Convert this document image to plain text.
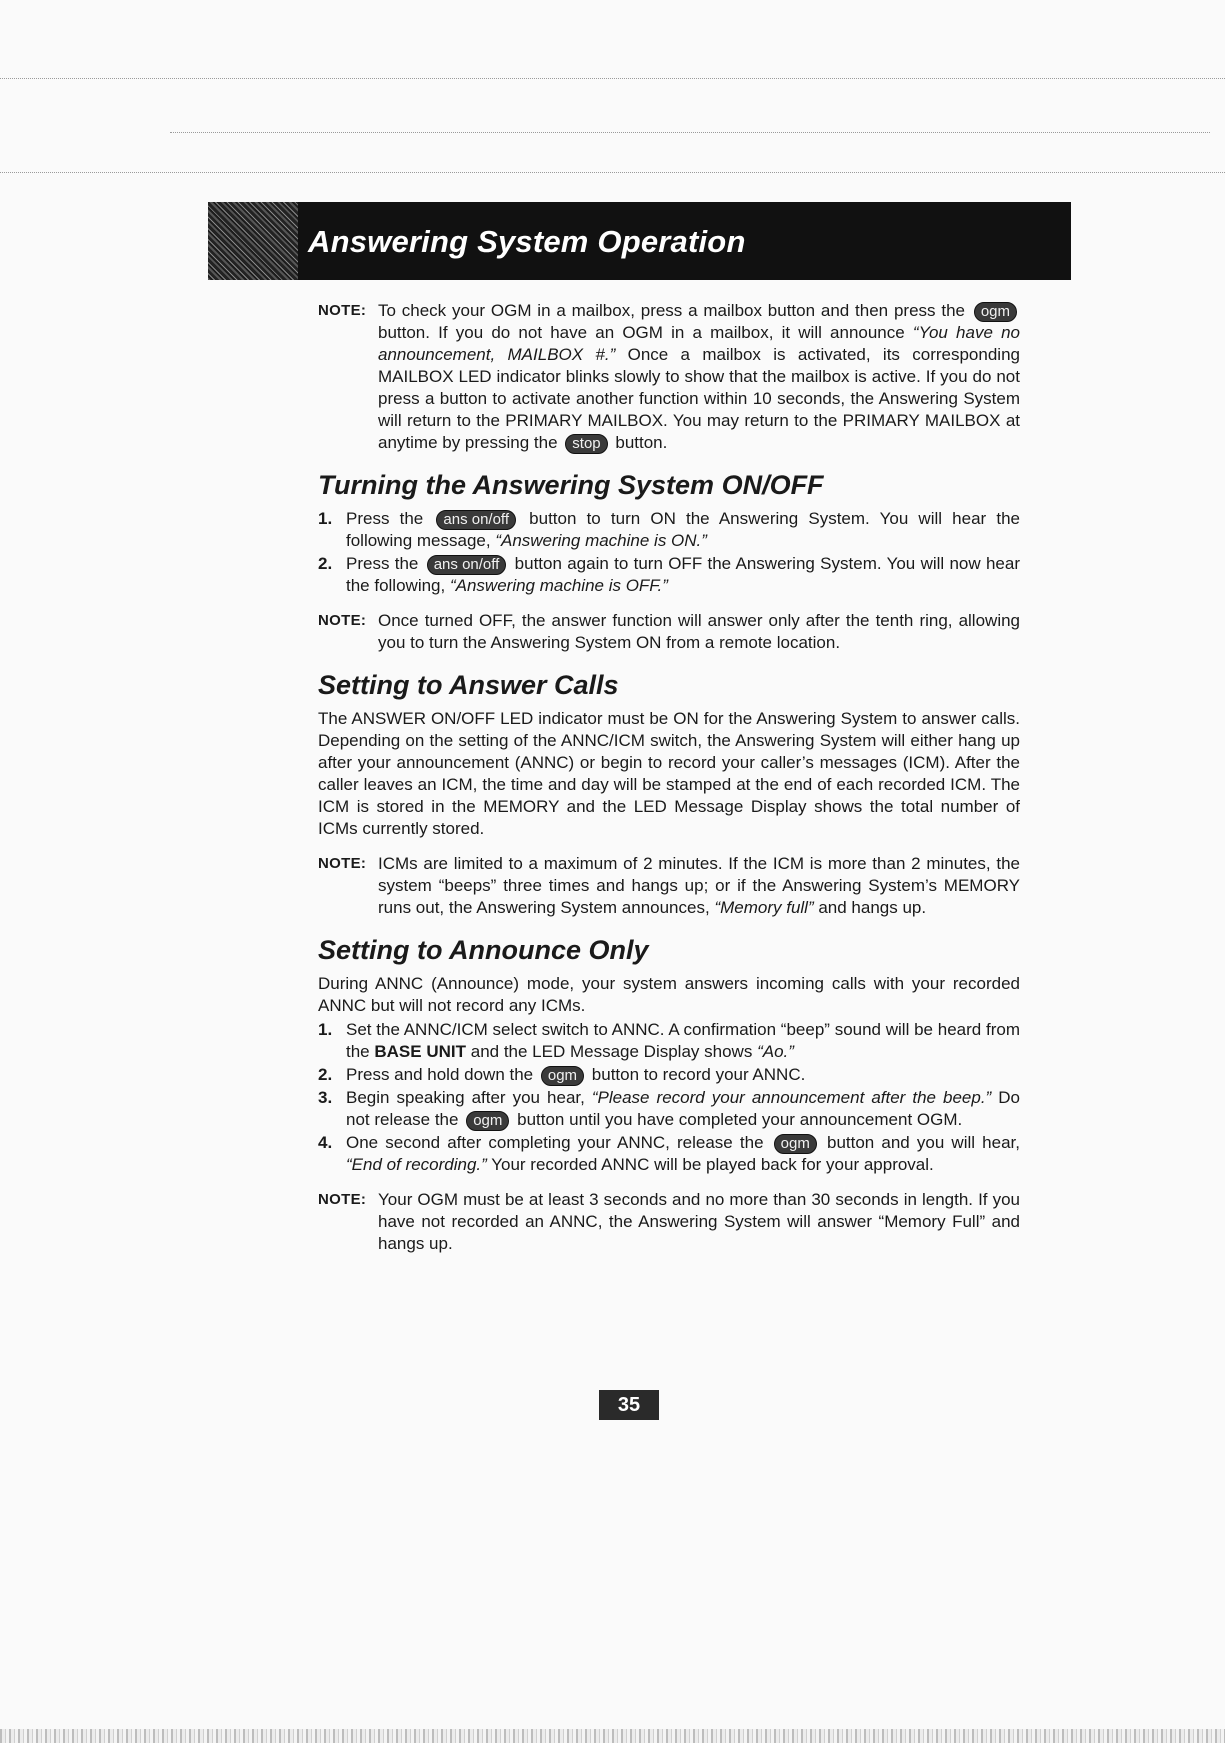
Answering System Operation
NOTE: To check your OGM in a mailbox, press a mailbox button and then press the ogm button. If you do not have an OGM in a mailbox, it will announce “You have no announcement, MAILBOX #.” Once a mailbox is activated, its corresponding MAILBOX LED indicator blinks slowly to show that the mailbox is active. If you do not press a button to activate another function within 10 seconds, the Answering System will return to the PRIMARY MAILBOX. You may return to the PRIMARY MAILBOX at anytime by pressing the stop button.
Turning the Answering System ON/OFF
1. Press the ans on/off button to turn ON the Answering System. You will hear the following message, “Answering machine is ON.”
2. Press the ans on/off button again to turn OFF the Answering System. You will now hear the following, “Answering machine is OFF.”
NOTE: Once turned OFF, the answer function will answer only after the tenth ring, allowing you to turn the Answering System ON from a remote location.
Setting to Answer Calls

The ANSWER ON/OFF LED indicator must be ON for the Answering System to answer calls. Depending on the setting of the ANNC/ICM switch, the Answering System will either hang up after your announcement (ANNC) or begin to record your caller’s messages (ICM). After the caller leaves an ICM, the time and day will be stamped at the end of each recorded ICM. The ICM is stored in the MEMORY and the LED Message Display shows the total number of ICMs currently stored.

NOTE: ICMs are limited to a maximum of 2 minutes. If the ICM is more than 2 minutes, the system “beeps” three times and hangs up; or if the Answering System’s MEMORY runs out, the Answering System announces, “Memory full” and hangs up.
Setting to Announce Only

During ANNC (Announce) mode, your system answers incoming calls with your recorded ANNC but will not record any ICMs.

1. Set the ANNC/ICM select switch to ANNC. A confirmation “beep” sound will be heard from the BASE UNIT and the LED Message Display shows “Ao.”
2. Press and hold down the ogm button to record your ANNC.
3. Begin speaking after you hear, “Please record your announcement after the beep.” Do not release the ogm button until you have completed your announcement OGM.
4. One second after completing your ANNC, release the ogm button and you will hear, “End of recording.” Your recorded ANNC will be played back for your approval.
NOTE: Your OGM must be at least 3 seconds and no more than 30 seconds in length. If you have not recorded an ANNC, the Answering System will answer “Memory Full” and hangs up.
35
